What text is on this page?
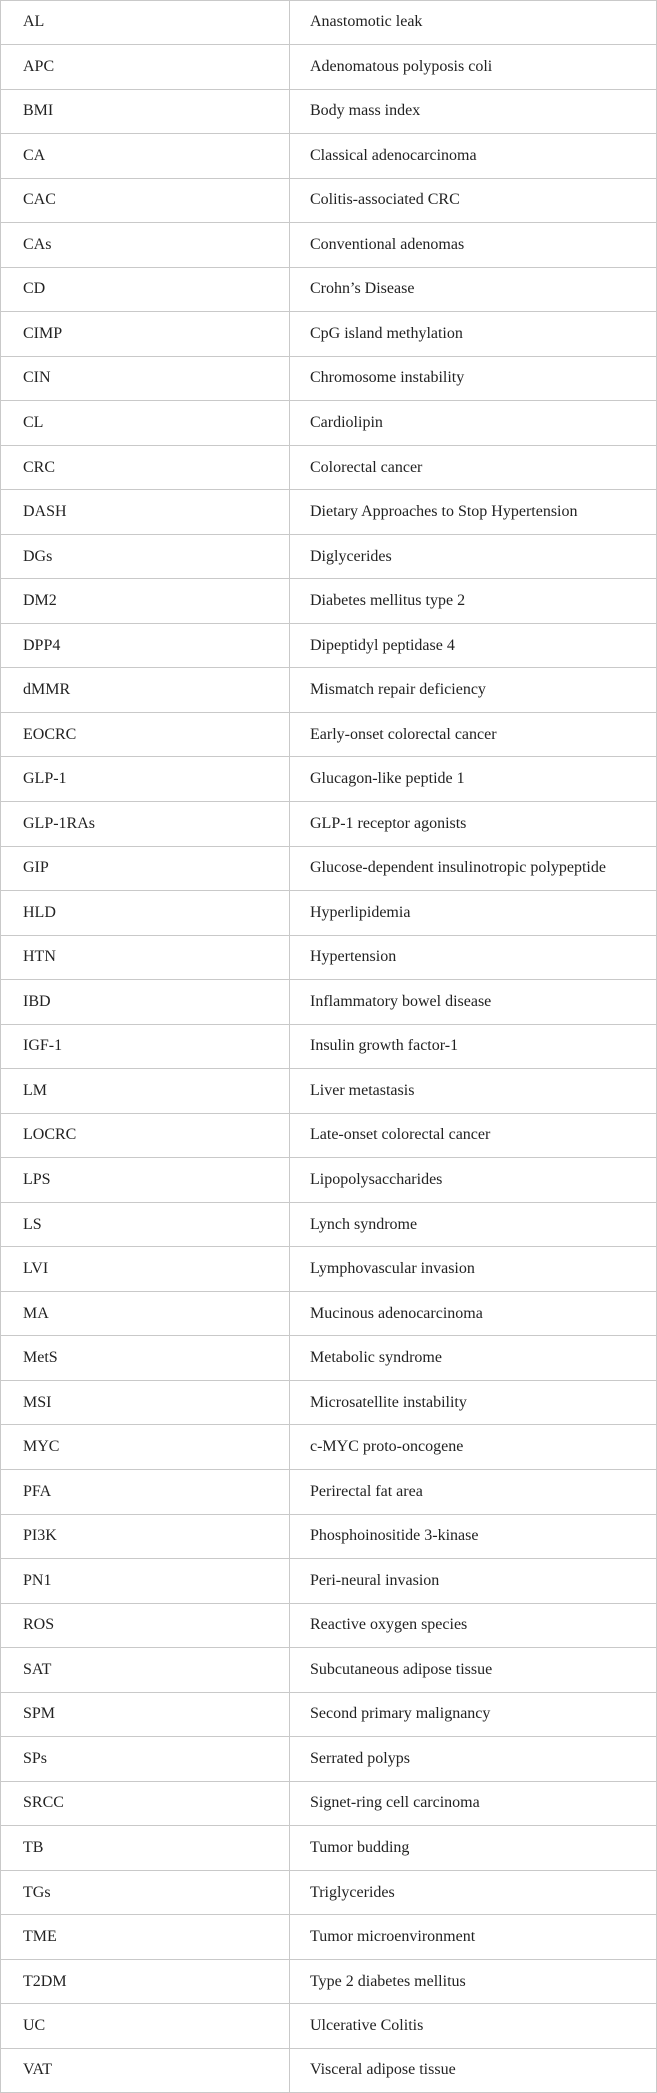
AL	Anastomotic leak
APC	Adenomatous polyposis coli
BMI	Body mass index
CA	Classical adenocarcinoma
CAC	Colitis-associated CRC
CAs	Conventional adenomas
CD	Crohn’s Disease
CIMP	CpG island methylation
CIN	Chromosome instability
CL	Cardiolipin
CRC	Colorectal cancer
DASH	Dietary Approaches to Stop Hypertension
DGs	Diglycerides
DM2	Diabetes mellitus type 2
DPP4	Dipeptidyl peptidase 4
dMMR	Mismatch repair deficiency
EOCRC	Early-onset colorectal cancer
GLP-1	Glucagon-like peptide 1
GLP-1RAs	GLP-1 receptor agonists
GIP	Glucose-dependent insulinotropic polypeptide
HLD	Hyperlipidemia
HTN	Hypertension
IBD	Inflammatory bowel disease
IGF-1	Insulin growth factor-1
LM	Liver metastasis
LOCRC	Late-onset colorectal cancer
LPS	Lipopolysaccharides
LS	Lynch syndrome
LVI	Lymphovascular invasion
MA	Mucinous adenocarcinoma
MetS	Metabolic syndrome
MSI	Microsatellite instability
MYC	c-MYC proto-oncogene
PFA	Perirectal fat area
PI3K	Phosphoinositide 3-kinase
PN1	Peri-neural invasion
ROS	Reactive oxygen species
SAT	Subcutaneous adipose tissue
SPM	Second primary malignancy
SPs	Serrated polyps
SRCC	Signet-ring cell carcinoma
TB	Tumor budding
TGs	Triglycerides
TME	Tumor microenvironment
T2DM	Type 2 diabetes mellitus
UC	Ulcerative Colitis
VAT	Visceral adipose tissue
